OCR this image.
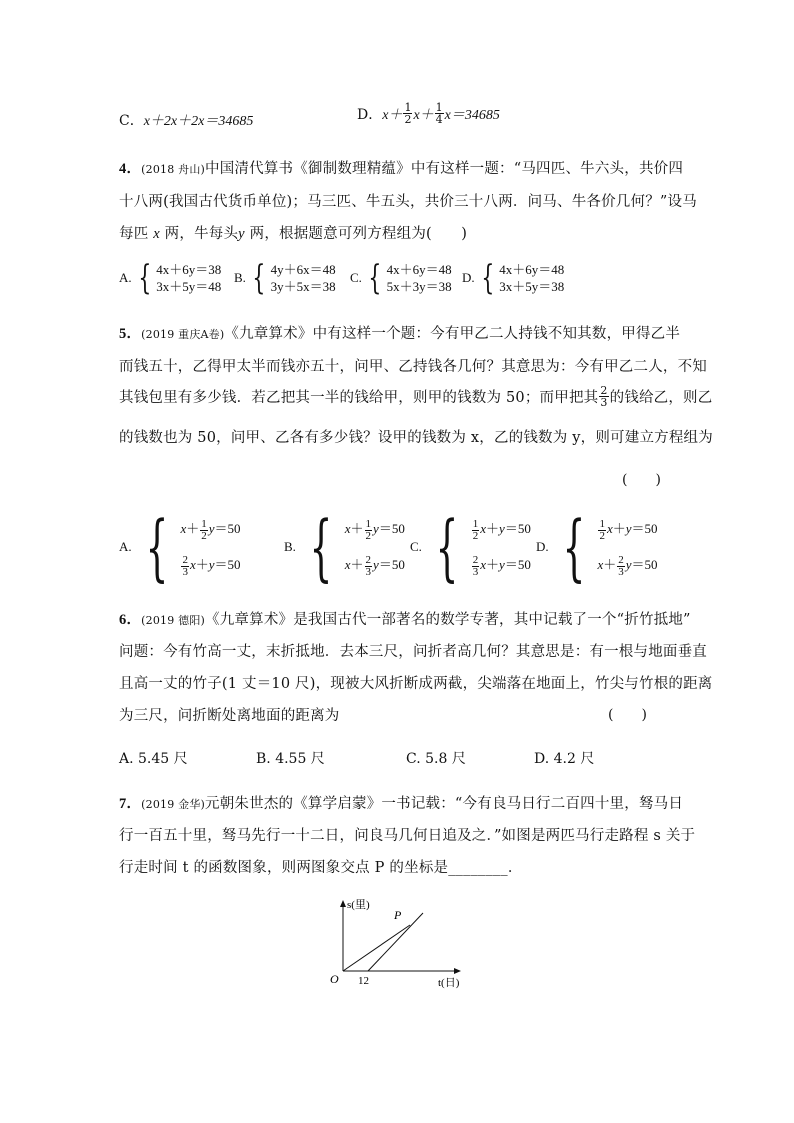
C．x＋2x＋2x＝34685	D． $x+ \frac{1}{2} x+ \frac{1}{4} x=34685$
4．(2018 舟山)中国清代算书《御制数理精蕴》中有这样一题：“马四匹、牛六头，共价四
十八两(我国古代货币单位)；马三匹、牛五头，共价三十八两．问马、牛各价几何？”设马
每匹 x 两，牛每头y 两，根据题意可列方程组为(　　)
A. { 4x＋6y＝38
3x＋5y＝48
B. { 4y＋6x＝48
3y＋5x＝38
C. { 4x＋6y＝48
5x＋3y＝38
D. { 4x＋6y＝48
3x＋5y＝38
5．(2019 重庆A卷)《九章算术》中有这样一个题：今有甲乙二人持钱不知其数，甲得乙半
而钱五十，乙得甲太半而钱亦五十，问甲、乙持钱各几何？其意思为：今有甲乙二人，不知
其钱包里有多少钱．若乙把其一半的钱给甲，则甲的钱数为 50；而甲把其 $\frac{2}{3}$ 的钱给乙，则乙
的钱数也为 50，问甲、乙各有多少钱？设甲的钱数为 x，乙的钱数为 y，则可建立方程组为
(　　)
A. { $x+ \frac{1}{2} y=50$
$\frac{2}{3} x+y=50$
B. { $x+ \frac{1}{2} y=50$
$x+ \frac{2}{3} y=50$
C. { $\frac{1}{2} x+y=50$
$\frac{2}{3} x+y=50$
D. { $\frac{1}{2} x+y=50$
$x+ \frac{2}{3} y=50$
6．(2019 德阳)《九章算术》是我国古代一部著名的数学专著，其中记载了一个“折竹抵地”
问题：今有竹高一丈，末折抵地．去本三尺，问折者高几何？其意思是：有一根与地面垂直
且高一丈的竹子(1 丈＝10 尺)，现被大风折断成两截，尖端落在地面上，竹尖与竹根的距离
为三尺，问折断处离地面的距离为	(　　)
A. 5.45 尺	B. 4.55 尺	C. 5.8 尺	D. 4.2 尺
7．(2019 金华)元朝朱世杰的《算学启蒙》一书记载：“今有良马日行二百四十里，驽马日
行一百五十里，驽马先行一十二日，问良马几何日追及之．”如图是两匹马行走路程 s 关于
行走时间 t 的函数图象，则两图象交点 P 的坐标是________．
s(里)
t(日)
O 12
P
